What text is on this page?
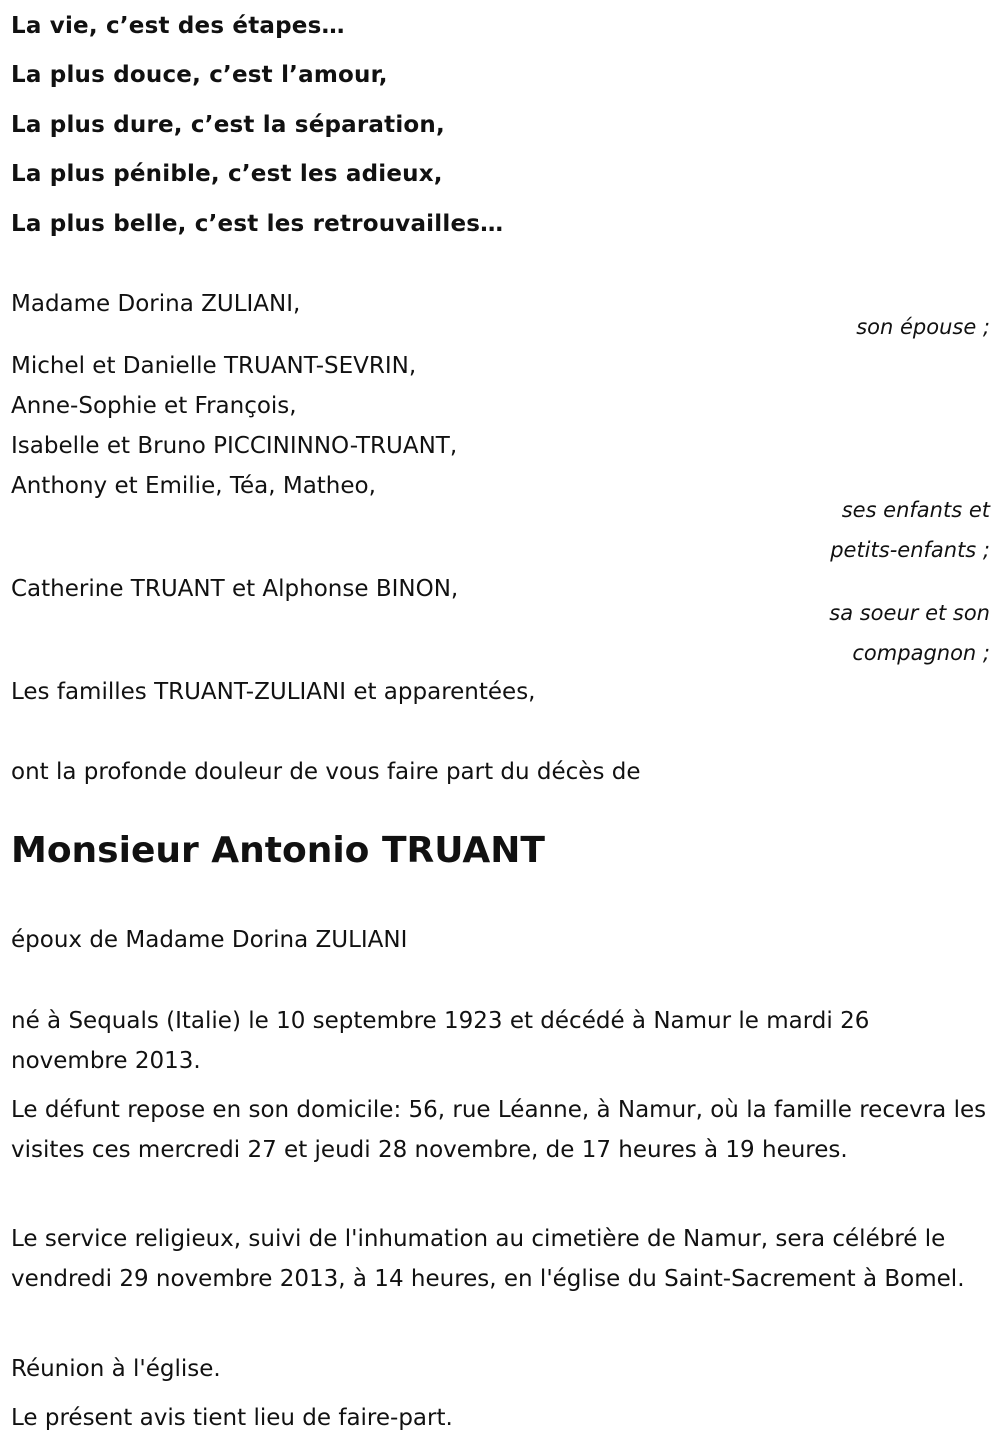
La vie, c’est des étapes…
La plus douce, c’est l’amour,
La plus dure, c’est la séparation,
La plus pénible, c’est les adieux,
La plus belle, c’est les retrouvailles…
Madame Dorina ZULIANI,
son épouse ;
Michel et Danielle TRUANT-SEVRIN,
Anne-Sophie et François,
Isabelle et Bruno PICCININNO-TRUANT,
Anthony et Emilie, Téa, Matheo,
ses enfants et
petits-enfants ;
Catherine TRUANT et Alphonse BINON,
sa soeur et son
compagnon ;
Les familles TRUANT-ZULIANI et apparentées,
ont la profonde douleur de vous faire part du décès de
Monsieur Antonio TRUANT
époux de Madame Dorina ZULIANI
né à Sequals (Italie) le 10 septembre 1923 et décédé à Namur le mardi 26 novembre 2013.
Le défunt repose en son domicile: 56, rue Léanne, à Namur, où la famille recevra les visites ces mercredi 27 et jeudi 28 novembre, de 17 heures à 19 heures.
Le service religieux, suivi de l'inhumation au cimetière de Namur, sera célébré le vendredi 29 novembre 2013, à 14 heures, en l'église du Saint-Sacrement à Bomel.
Réunion à l'église.
Le présent avis tient lieu de faire-part.
